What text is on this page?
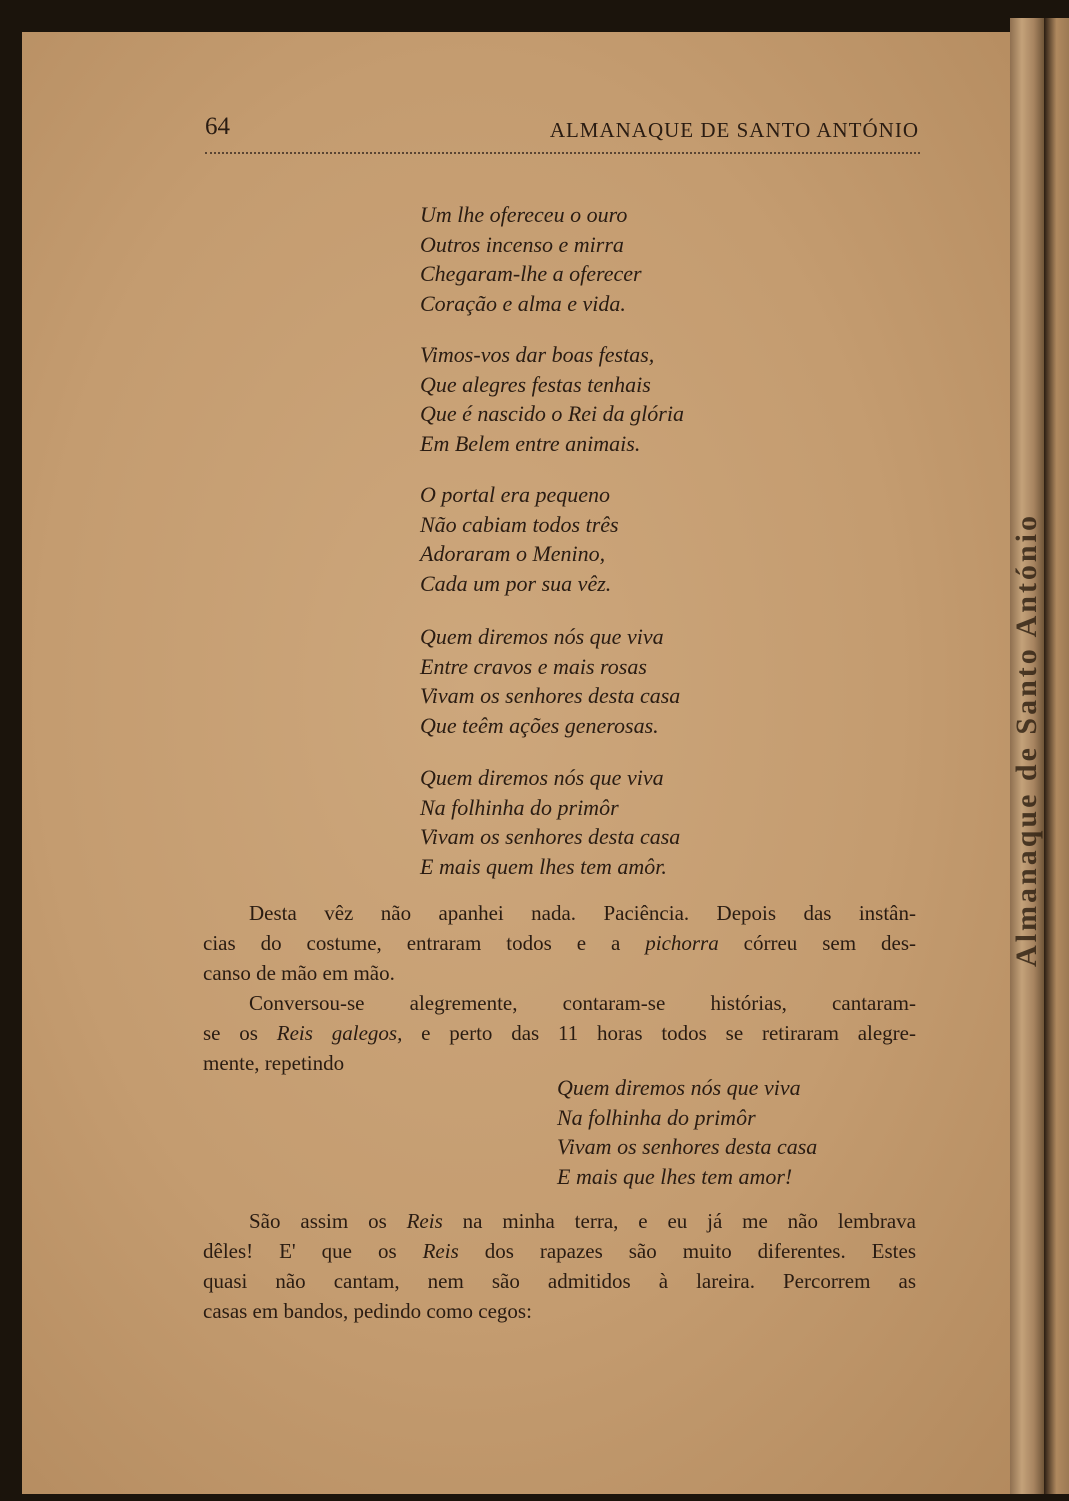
Almanaque de Santo António
64	ALMANAQUE DE SANTO ANTÓNIO
Um lhe ofereceu o ouro
Outros incenso e mirra
Chegaram-lhe a oferecer
Coração e alma e vida.
Vimos-vos dar boas festas,
Que alegres festas tenhais
Que é nascido o Rei da glória
Em Belem entre animais.
O portal era pequeno
Não cabiam todos três
Adoraram o Menino,
Cada um por sua vêz.
Quem diremos nós que viva
Entre cravos e mais rosas
Vivam os senhores desta casa
Que teêm ações generosas.
Quem diremos nós que viva
Na folhinha do primôr
Vivam os senhores desta casa
E mais quem lhes tem amôr.
Desta vêz não apanhei nada. Paciência. Depois das instân-
cias do costume, entraram todos e a pichorra córreu sem des-
canso de mão em mão.
Conversou-se alegremente, contaram-se histórias, cantaram-
se os Reis galegos, e perto das 11 horas todos se retiraram alegre-
mente, repetindo
Quem diremos nós que viva
Na folhinha do primôr
Vivam os senhores desta casa
E mais que lhes tem amor!
São assim os Reis na minha terra, e eu já me não lembrava
dêles! E' que os Reis dos rapazes são muito diferentes. Estes
quasi não cantam, nem são admitidos à lareira. Percorrem as
casas em bandos, pedindo como cegos:
